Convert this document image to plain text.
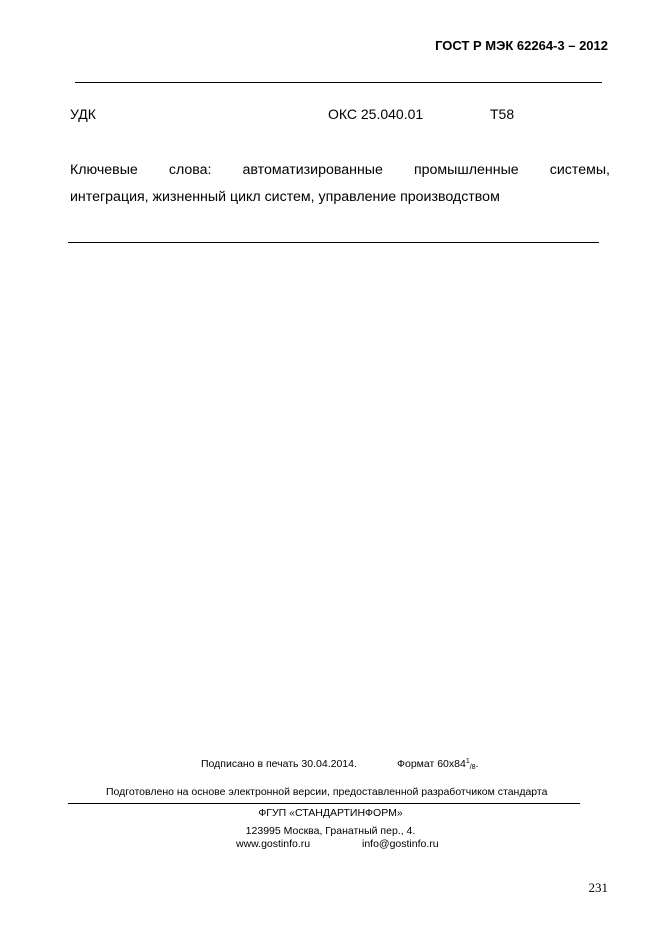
ГОСТ Р МЭК 62264-3 – 2012
УДК	ОКС 25.040.01	Т58
Ключевые слова: автоматизированные промышленные системы,
интеграция, жизненный цикл систем, управление производством
Подписано в печать 30.04.2014.	Формат $60x84^1_{/8}$.
Подготовлено на основе электронной версии, предоставленной разработчиком стандарта
ФГУП «СТАНДАРТИНФОРМ»
123995 Москва, Гранатный пер., 4.
www.gostinfo.ru	info@gostinfo.ru
231
